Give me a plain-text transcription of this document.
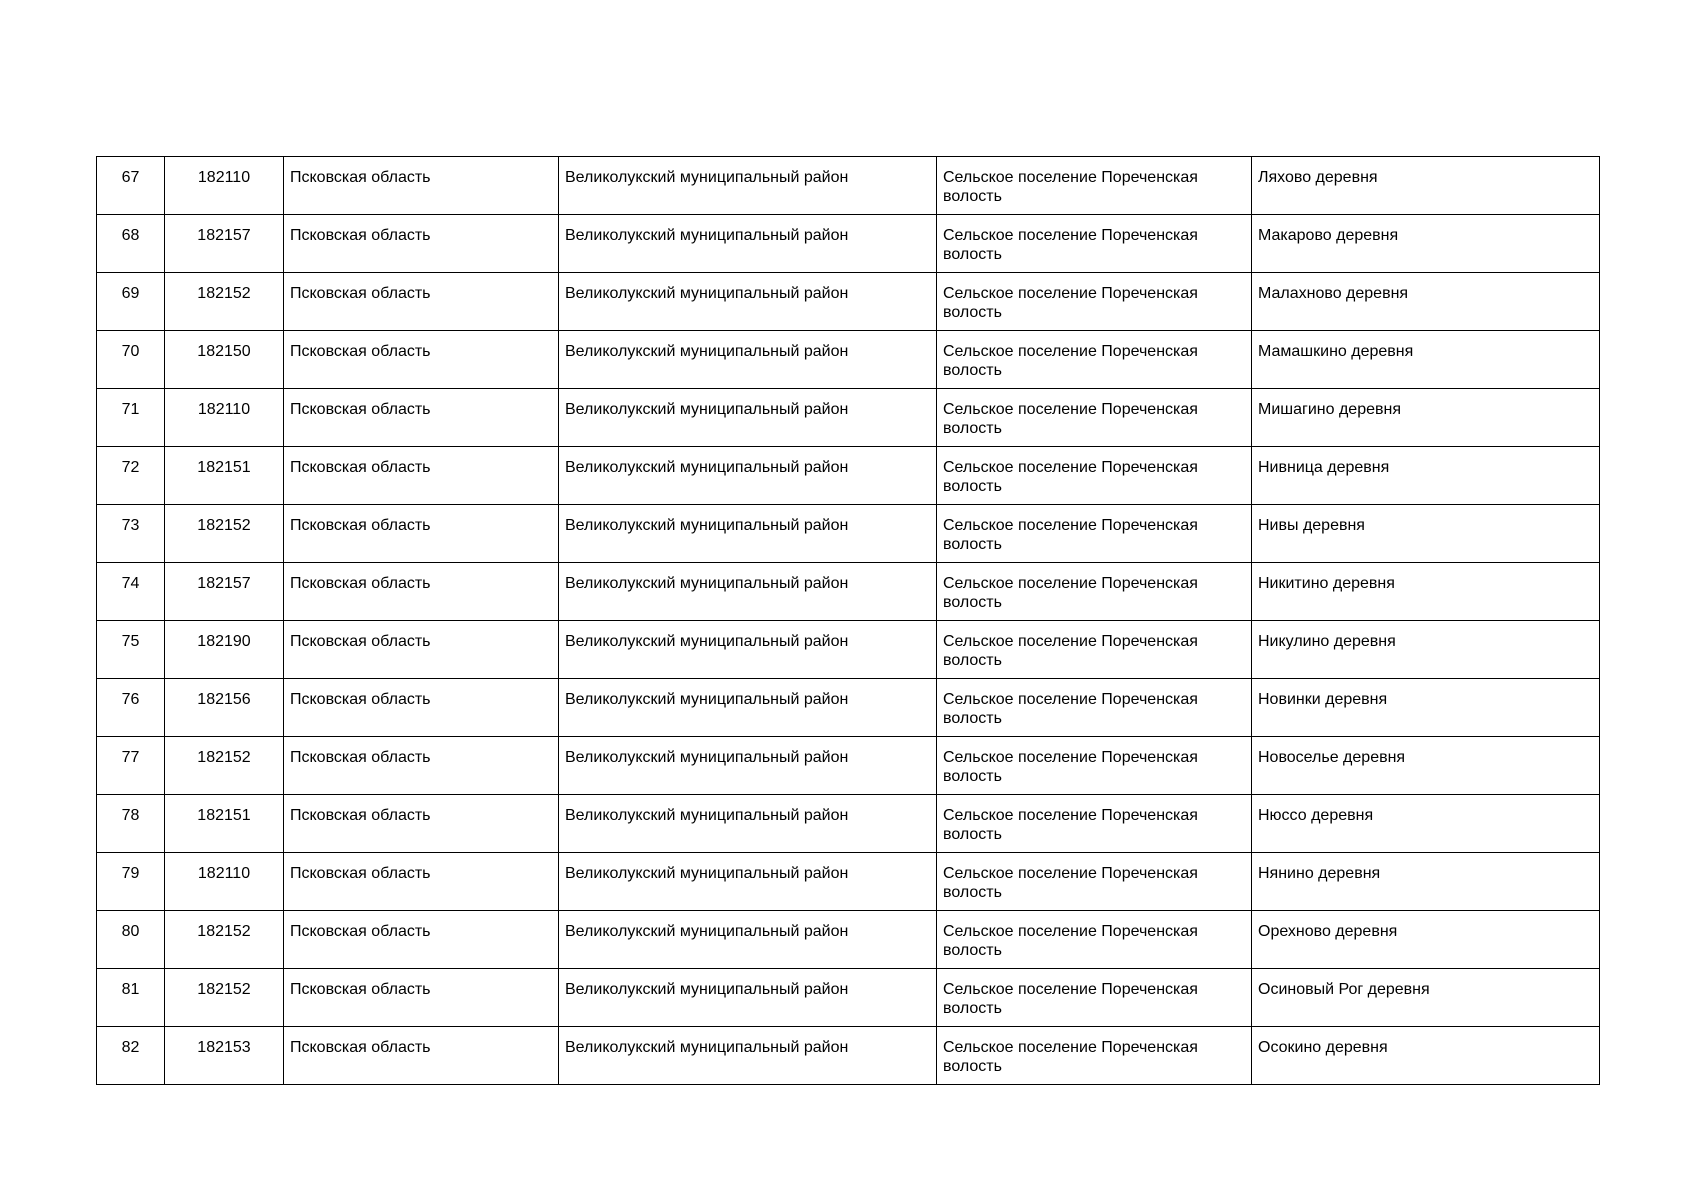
67	182110	Псковская область	Великолукский муниципальный район	Сельское поселение Пореченская волость	Ляхово деревня
68	182157	Псковская область	Великолукский муниципальный район	Сельское поселение Пореченская волость	Макарово деревня
69	182152	Псковская область	Великолукский муниципальный район	Сельское поселение Пореченская волость	Малахново деревня
70	182150	Псковская область	Великолукский муниципальный район	Сельское поселение Пореченская волость	Мамашкино деревня
71	182110	Псковская область	Великолукский муниципальный район	Сельское поселение Пореченская волость	Мишагино деревня
72	182151	Псковская область	Великолукский муниципальный район	Сельское поселение Пореченская волость	Нивница деревня
73	182152	Псковская область	Великолукский муниципальный район	Сельское поселение Пореченская волость	Нивы деревня
74	182157	Псковская область	Великолукский муниципальный район	Сельское поселение Пореченская волость	Никитино деревня
75	182190	Псковская область	Великолукский муниципальный район	Сельское поселение Пореченская волость	Никулино деревня
76	182156	Псковская область	Великолукский муниципальный район	Сельское поселение Пореченская волость	Новинки деревня
77	182152	Псковская область	Великолукский муниципальный район	Сельское поселение Пореченская волость	Новоселье деревня
78	182151	Псковская область	Великолукский муниципальный район	Сельское поселение Пореченская волость	Нюссо деревня
79	182110	Псковская область	Великолукский муниципальный район	Сельское поселение Пореченская волость	Нянино деревня
80	182152	Псковская область	Великолукский муниципальный район	Сельское поселение Пореченская волость	Орехново деревня
81	182152	Псковская область	Великолукский муниципальный район	Сельское поселение Пореченская волость	Осиновый Рог деревня
82	182153	Псковская область	Великолукский муниципальный район	Сельское поселение Пореченская волость	Осокино деревня
